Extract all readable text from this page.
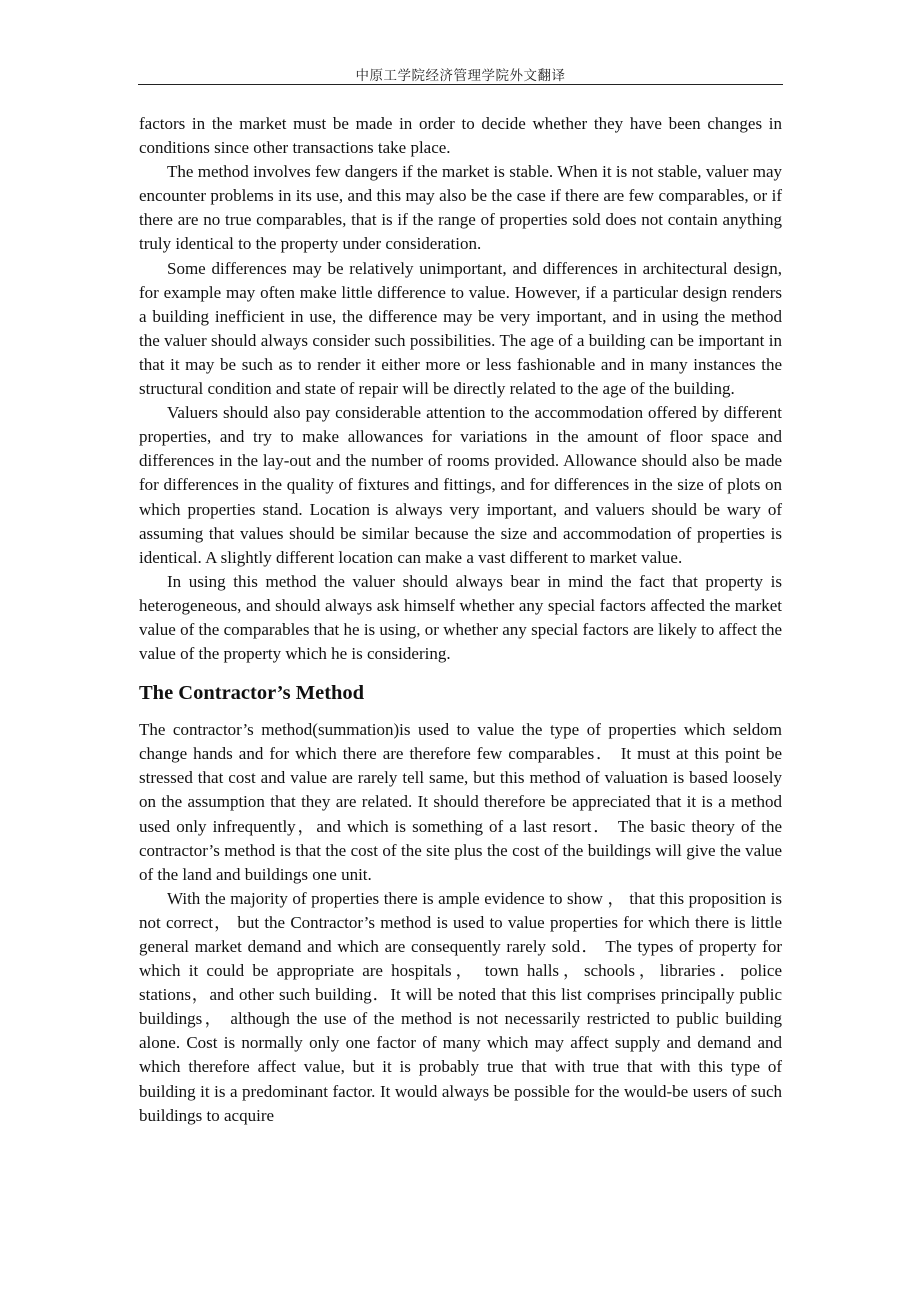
中原工学院经济管理学院外文翻译

factors in the market must be made in order to decide whether they have been changes in conditions since other transactions take place.

The method involves few dangers if the market is stable. When it is not stable, valuer may encounter problems in its use, and this may also be the case if there are few comparables, or if there are no true comparables, that is if the range of properties sold does not contain anything truly identical to the property under consideration.

Some differences may be relatively unimportant, and differences in architectural design, for example may often make little difference to value. However, if a particular design renders a building inefficient in use, the difference may be very important, and in using the method the valuer should always consider such possibilities. The age of a building can be important in that it may be such as to render it either more or less fashionable and in many instances the structural condition and state of repair will be directly related to the age of the building.

Valuers should also pay considerable attention to the accommodation offered by different properties, and try to make allowances for variations in the amount of floor space and differences in the lay-out and the number of rooms provided. Allowance should also be made for differences in the quality of fixtures and fittings, and for differences in the size of plots on which properties stand. Location is always very important, and valuers should be wary of assuming that values should be similar because the size and accommodation of properties is identical. A slightly different location can make a vast different to market value.

In using this method the valuer should always bear in mind the fact that property is heterogeneous, and should always ask himself whether any special factors affected the market value of the comparables that he is using, or whether any special factors are likely to affect the value of the property which he is considering.

The Contractor’s Method

The contractor’s method(summation)is used to value the type of properties which seldom change hands and for which there are therefore few comparables． It must at this point be stressed that cost and value are rarely tell same, but this method of valuation is based loosely on the assumption that they are related. It should therefore be appreciated that it is a method used only infrequently，and which is something of a last resort． The basic theory of the contractor’s method is that the cost of the site plus the cost of the buildings will give the value of the land and buildings one unit.

With the majority of properties there is ample evidence to show ， that this proposition is not correct， but the Contractor’s method is used to value properties for which there is little general market demand and which are consequently rarely sold． The types of property for which it could be appropriate are hospitals， town halls，schools，libraries．police stations，and other such building．It will be noted that this list comprises principally public buildings， although the use of the method is not necessarily restricted to public building alone. Cost is normally only one factor of many which may affect supply and demand and which therefore affect value, but it is probably true that with true that with this type of building it is a predominant factor. It would always be possible for the would-be users of such buildings to acquire
